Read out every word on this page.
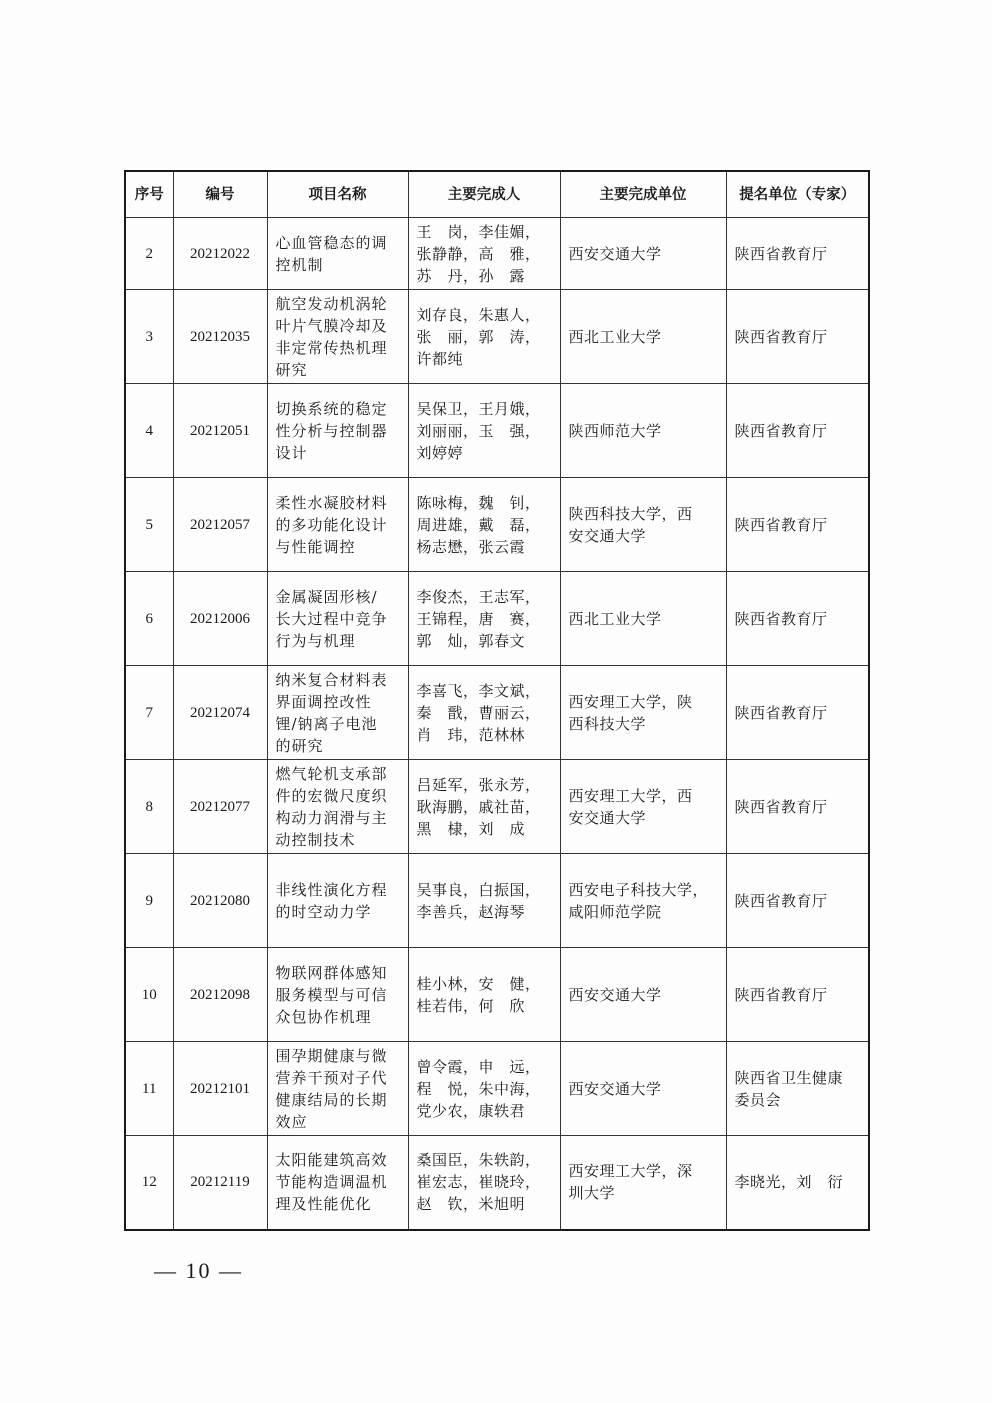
序号	编号	项目名称	主要完成人	主要完成单位	提名单位（专家）
2	20212022	心血管稳态的调
控机制	王　岗，李佳媚，
张静静，高　雅，
苏　丹，孙　露	西安交通大学	陕西省教育厅

3	20212035	航空发动机涡轮
叶片气膜冷却及
非定常传热机理
研究	刘存良，朱惠人，
张　丽，郭　涛，
许都纯	西北工业大学	陕西省教育厅

4	20212051	切换系统的稳定
性分析与控制器
设计	吴保卫，王月娥，
刘丽丽，玉　强，
刘婷婷	陕西师范大学	陕西省教育厅

5	20212057	柔性水凝胶材料
的多功能化设计
与性能调控	陈咏梅，魏　钊，
周进雄，戴　磊，
杨志懋，张云霞	陕西科技大学，西
安交通大学	陕西省教育厅

6	20212006	金属凝固形核/
长大过程中竞争
行为与机理	李俊杰，王志军，
王锦程，唐　赛，
郭　灿，郭春文	西北工业大学	陕西省教育厅

7	20212074	纳米复合材料表
界面调控改性
锂/钠离子电池
的研究	李喜飞，李文斌，
秦　戬，曹丽云，
肖　玮，范林林	西安理工大学，陕
西科技大学	陕西省教育厅

8	20212077	燃气轮机支承部
件的宏微尺度织
构动力润滑与主
动控制技术	吕延军，张永芳，
耿海鹏，戚社苗，
黑　棣，刘　成	西安理工大学，西
安交通大学	陕西省教育厅

9	20212080	非线性演化方程
的时空动力学	吴事良，白振国，
李善兵，赵海琴	西安电子科技大学，
咸阳师范学院	陕西省教育厅

10	20212098	物联网群体感知
服务模型与可信
众包协作机理	桂小林，安　健，
桂若伟，何　欣	西安交通大学	陕西省教育厅

11	20212101	围孕期健康与微
营养干预对子代
健康结局的长期
效应	曾令霞，申　远，
程　悦，朱中海，
党少农，康轶君	西安交通大学	陕西省卫生健康
委员会

12	20212119	太阳能建筑高效
节能构造调温机
理及性能优化	桑国臣，朱轶韵，
崔宏志，崔晓玲，
赵　钦，米旭明	西安理工大学，深
圳大学	李晓光，刘　衍
— 10 —
